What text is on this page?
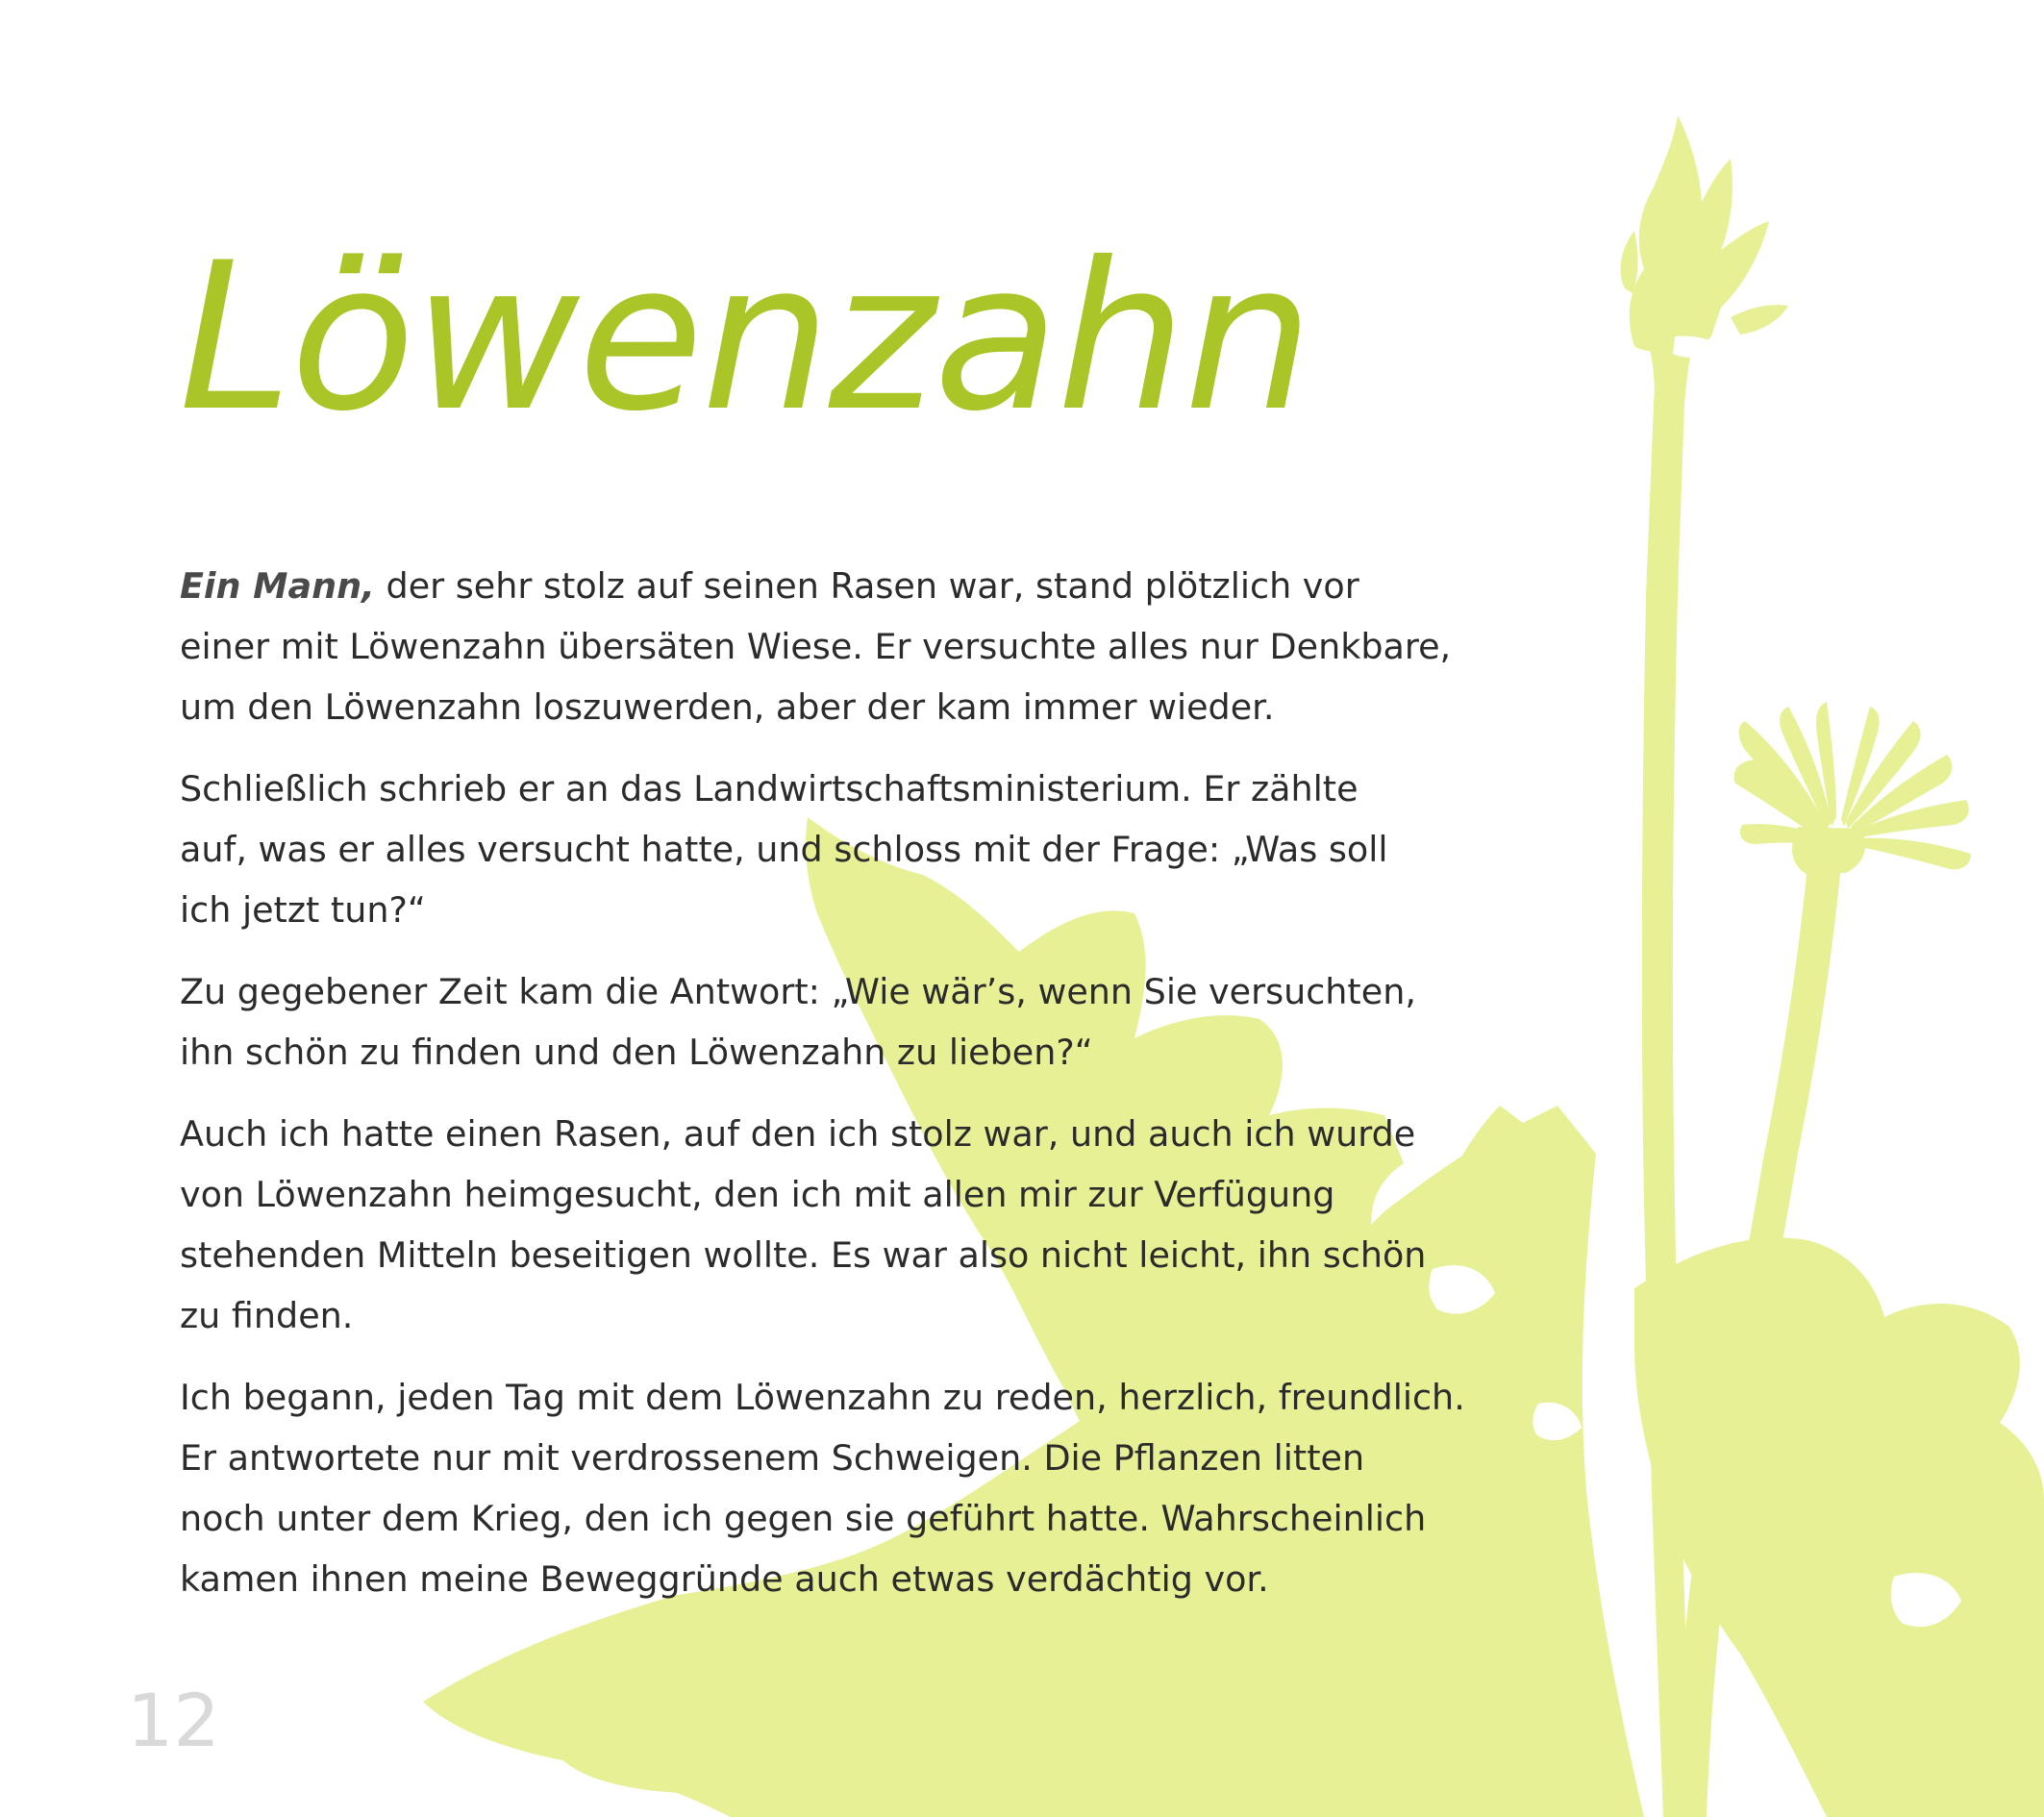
Löwenzahn

Ein Mann, der sehr stolz auf seinen Rasen war, stand plötzlich vor
einer mit Löwenzahn übersäten Wiese. Er versuchte alles nur Denkbare,
um den Löwenzahn loszuwerden, aber der kam immer wieder.

Schließlich schrieb er an das Landwirtschaftsministerium. Er zählte
auf, was er alles versucht hatte, und schloss mit der Frage: „Was soll
ich jetzt tun?“

Zu gegebener Zeit kam die Antwort: „Wie wär’s, wenn Sie versuchten,
ihn schön zu finden und den Löwenzahn zu lieben?“

Auch ich hatte einen Rasen, auf den ich stolz war, und auch ich wurde
von Löwenzahn heimgesucht, den ich mit allen mir zur Verfügung
stehenden Mitteln beseitigen wollte. Es war also nicht leicht, ihn schön
zu finden.

Ich begann, jeden Tag mit dem Löwenzahn zu reden, herzlich, freundlich.
Er antwortete nur mit verdrossenem Schweigen. Die Pflanzen litten
noch unter dem Krieg, den ich gegen sie geführt hatte. Wahrscheinlich
kamen ihnen meine Beweggründe auch etwas verdächtig vor.

12
